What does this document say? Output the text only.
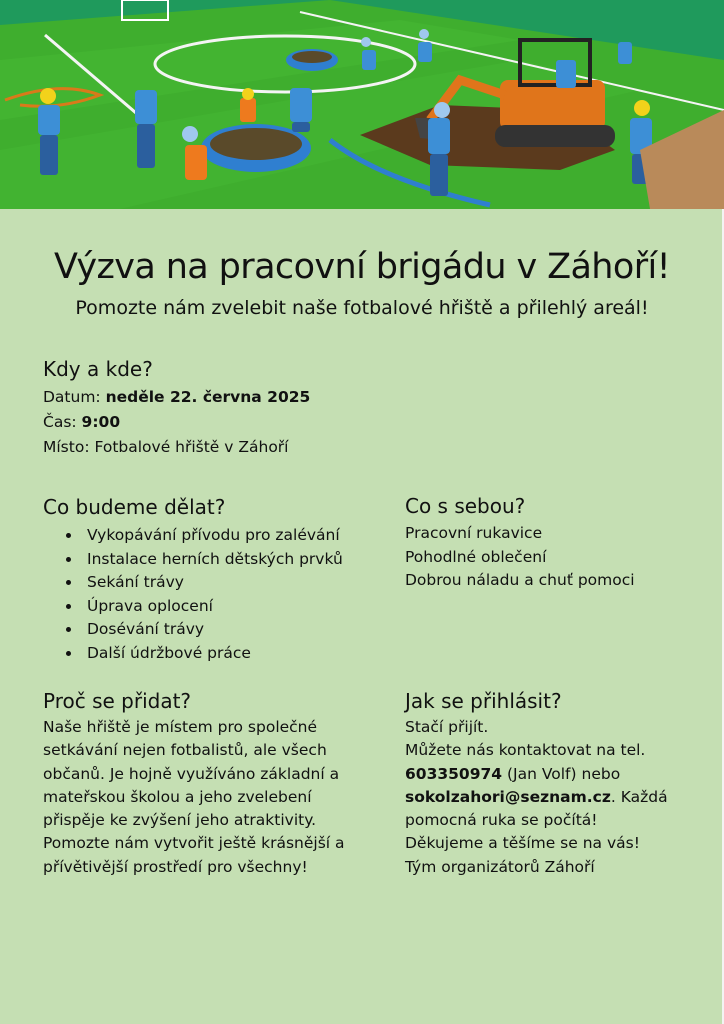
Výzva na pracovní brigádu v Záhoří!
Pomozte nám zvelebit naše fotbalové hřiště a přilehlý areál!
Kdy a kde?
Datum: neděle 22. června 2025
Čas: 9:00
Místo: Fotbalové hřiště v Záhoří
Co budeme dělat?
Vykopávání přívodu pro zalévání
Instalace herních dětských prvků
Sekání trávy
Úprava oplocení
Dosévání trávy
Další údržbové práce
Co s sebou?
Pracovní rukavice
Pohodlné oblečení
Dobrou náladu a chuť pomoci
Proč se přidat?

Naše hřiště je místem pro společné

setkávání nejen fotbalistů, ale všech

občanů. Je hojně využíváno základní a

mateřskou školou a jeho zvelebení

přispěje ke zvýšení jeho atraktivity.

Pomozte nám vytvořit ještě krásnější a

přívětivější prostředí pro všechny!

Jak se přihlásit?

Stačí přijít.

Můžete nás kontaktovat na tel.

603350974 (Jan Volf) nebo

sokolzahori@seznam.cz. Každá

pomocná ruka se počítá!

Děkujeme a těšíme se na vás!

Tým organizátorů Záhoří
